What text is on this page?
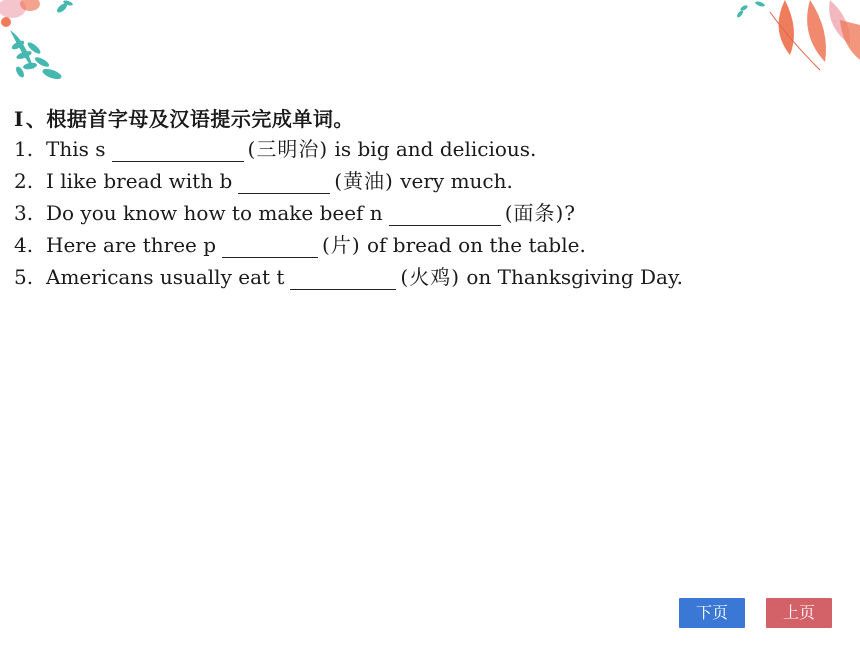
Ⅰ 、根据首字母及汉语提示完成单词。
1. This s	(三明治) is big and delicious.
2. I like bread with b	(黄油) very much.
3. Do you know how to make beef n	(面条)?
4. Here are three p	(片) of bread on the table.
5. Americans usually eat t	(火鸡) on Thanksgiving Day.
下页	上页
